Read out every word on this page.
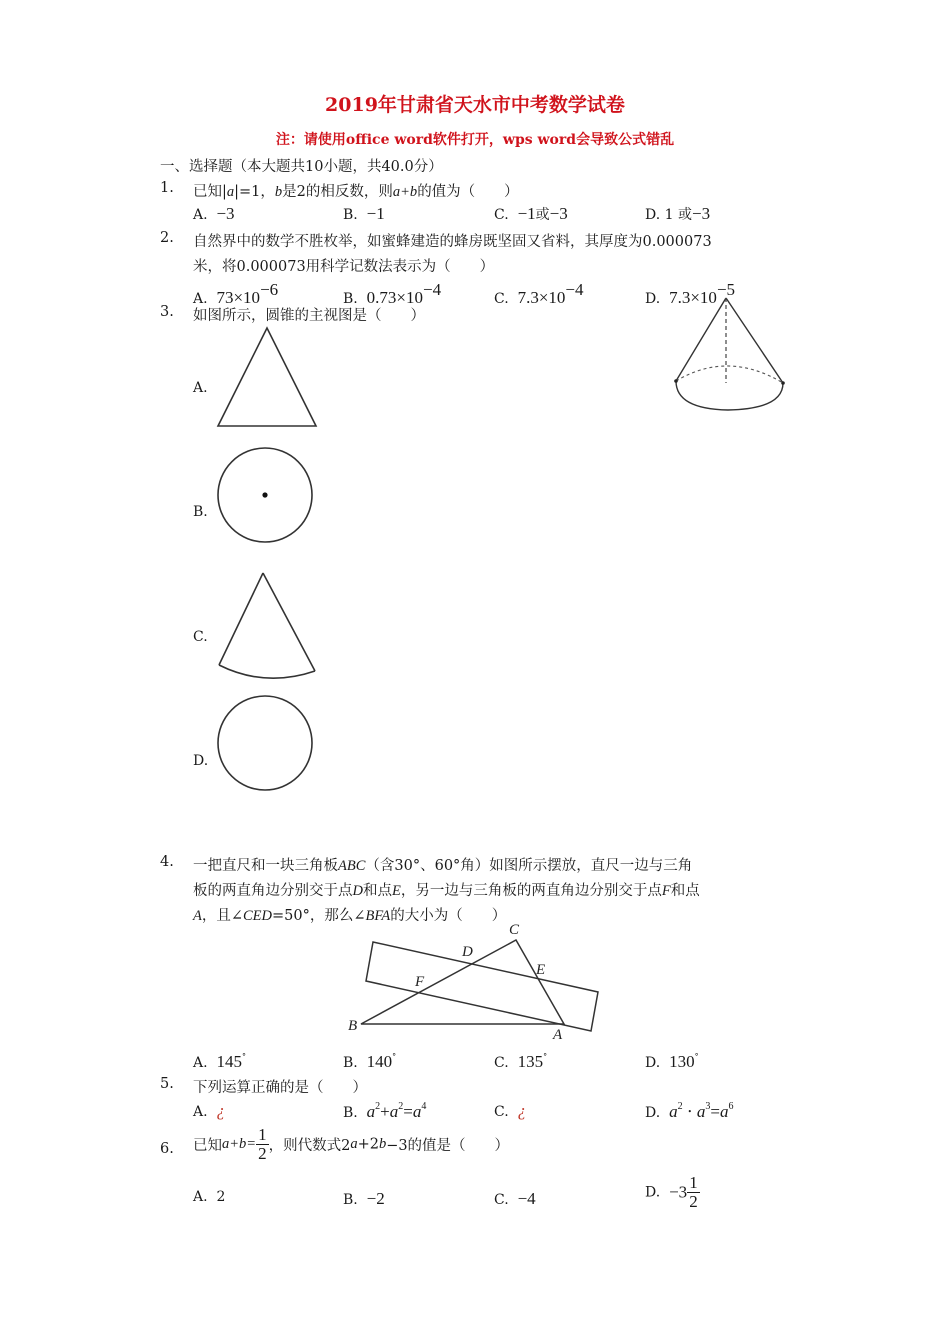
2019年甘肃省天水市中考数学试卷
注：请使用office word软件打开，wps word会导致公式错乱
一、选择题（本大题共10小题，共40.0分）
1. 已知|a|=1，b是2的相反数，则a+b的值为（　　）
A. −3	B. −1	C. −1或−3	D. 1 或−3
2. 自然界中的数学不胜枚举，如蜜蜂建造的蜂房既坚固又省料，其厚度为0.000073
米，将0.000073用科学记数法表示为（　　）
A. $73\times 10^{-6}$	B. $0.73\times 10^{-4}$	C. $7.3\times 10^{-4}$	D. $7.3\times 10^{-5}$
3. 如图所示，圆锥的主视图是（　　）
A.
B.
C.
D.
4. 一把直尺和一块三角板ABC（含30°、60°角）如图所示摆放，直尺一边与三角
板的两直角边分别交于点D和点E，另一边与三角板的两直角边分别交于点F和点
A，且∠CED=50°，那么∠BFA的大小为（　　）
C
D
E
F
B
A
A. 145°	B. 140°	C. 135°	D. 130°
5. 下列运算正确的是（　　）
A. ¿	B. $a^2+a^2=a^4$	C. ¿	D. $a^2 \cdot a^3=a^6$
6. 已知$a+b= \frac{1}{2}$ ，则代数式2a+2b−3的值是（　　）
A. 2	B. −2	C. −4	D. $-3 \frac{1}{2}$
